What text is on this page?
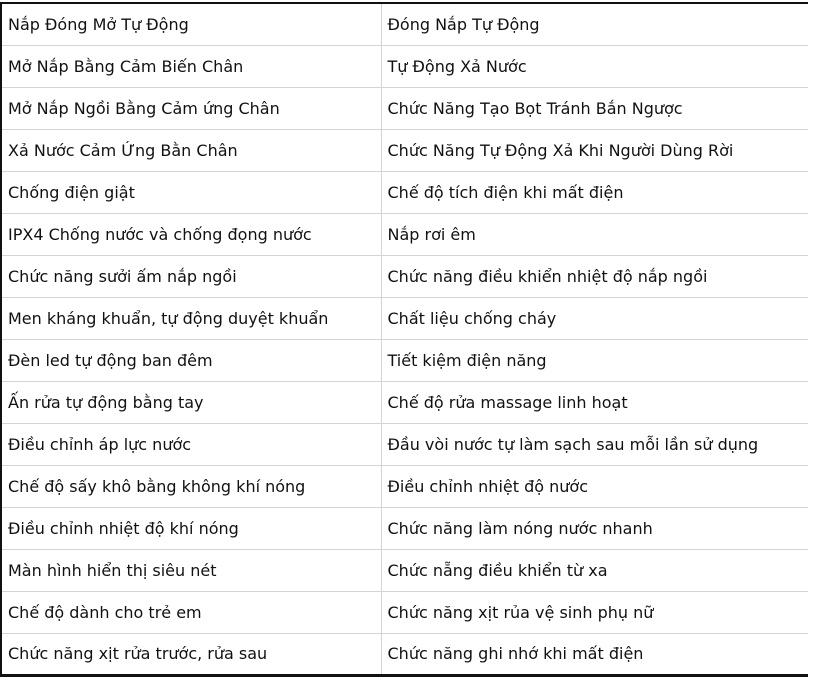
Nắp Đóng Mở Tự Động	Đóng Nắp Tự Động
Mở Nắp Bằng Cảm Biến Chân	Tự Động Xả Nước
Mở Nắp Ngồi Bằng Cảm ứng Chân	Chức Năng Tạo Bọt Tránh Bắn Ngược
Xả Nước Cảm Ứng Bằn Chân	Chức Năng Tự Động Xả Khi Người Dùng Rời
Chống điện giật	Chế độ tích điện khi mất điện
IPX4 Chống nước và chống đọng nước	Nắp rơi êm
Chức năng sưởi ấm nắp ngồi	Chức năng điều khiển nhiệt độ nắp ngồi
Men kháng khuẩn, tự động duyệt khuẩn	Chất liệu chống cháy
Đèn led tự động ban đêm	Tiết kiệm điện năng
Ấn rửa tự động bằng tay	Chế độ rửa massage linh hoạt
Điều chỉnh áp lực nước	Đầu vòi nước tự làm sạch sau mỗi lần sử dụng
Chế độ sấy khô bằng không khí nóng	Điều chỉnh nhiệt độ nước
Điều chỉnh nhiệt độ khí nóng	Chức năng làm nóng nước nhanh
Màn hình hiển thị siêu nét	Chức nẵng điều khiển từ xa
Chế độ dành cho trẻ em	Chức năng xịt rủa vệ sinh phụ nữ
Chức năng xịt rửa trước, rửa sau	Chức năng ghi nhớ khi mất điện
